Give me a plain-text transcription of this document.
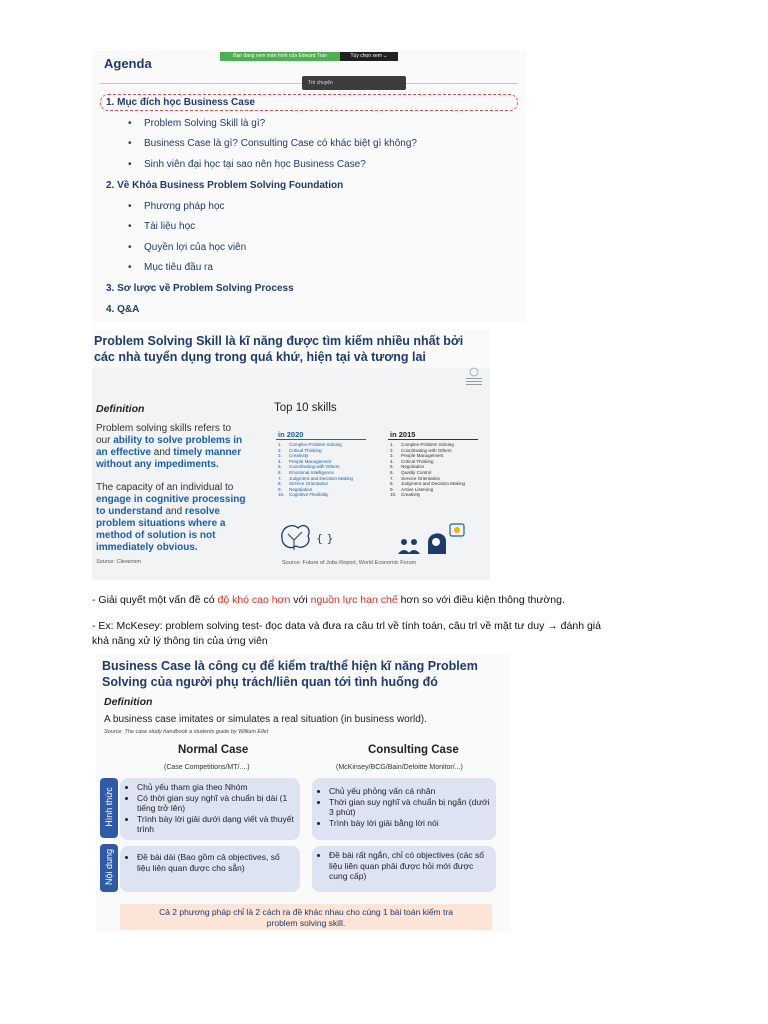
Bạn đang xem màn hình của Edward Tran	Tùy chọn xem ⌄
Agenda
Trò chuyện
1. Mục đích học Business Case
• Problem Solving Skill là gì?
• Business Case là gì? Consulting Case có khác biệt gì không?
• Sinh viên đại học tại sao nên học Business Case?
2. Về Khóa Business Problem Solving Foundation
• Phương pháp học
• Tài liệu học
• Quyền lợi của học viên
• Mục tiêu đầu ra
3. Sơ lược về Problem Solving Process
4. Q&A
Problem Solving Skill là kĩ năng được tìm kiếm nhiều nhất bởi các nhà tuyển dụng trong quá khứ, hiện tại và tương lai
Definition
Problem solving skills refers to our ability to solve problems in an effective and timely manner without any impediments.
The capacity of an individual to engage in cognitive processing to understand and resolve problem situations where a method of solution is not immediately obvious.
Source: Cleverism
Top 10 skills
in 2020	in 2015
1. Complex Problem Solving
2. Critical Thinking
3. Creativity
4. People Management
5. Coordinating with Others
6. Emotional Intelligence
7. Judgment and Decision Making
8. Service Orientation
9. Negotiation
10. Cognitive Flexibility
1. Complex Problem Solving
2. Coordinating with Others
3. People Management
4. Critical Thinking
5. Negotiation
6. Quality Control
7. Service Orientation
8. Judgment and Decision Making
9. Active Listening
10. Creativity
{ }
Source: Future of Jobs Report, World Economic Forum
- Giải quyết một vấn đề có độ khó cao hơn với nguồn lực hạn chế hơn so với điều kiện thông thường.
- Ex: McKesey: problem solving test- đọc data và đưa ra câu trl về tính toán, câu trl về mặt tư duy → đánh giá
khả năng xử lý thông tin của ứng viên
Business Case là công cụ để kiểm tra/thể hiện kĩ năng Problem Solving của người phụ trách/liên quan tới tình huống đó
Definition
A business case imitates or simulates a real situation (in business world).
Source: The case study handbook a students guide by William Ellet
Normal Case
(Case Competitions/MT/....)
Consulting Case
(McKinsey/BCG/Bain/Deloitte Monitor/...)
Hình thức
Nội dung
• Chủ yếu tham gia theo Nhóm
• Có thời gian suy nghĩ và chuẩn bị dài (1 tiếng trở lên)
• Trình bày lời giải dưới dạng viết và thuyết trình
• Chủ yếu phỏng vấn cá nhân
• Thời gian suy nghĩ và chuẩn bị ngắn (dưới 3 phút)
• Trình bày lời giải bằng lời nói
• Đề bài dài (Bao gồm cả objectives, số liệu liên quan được cho sẵn)
• Đề bài rất ngắn, chỉ có objectives (các số liệu liên quan phải được hỏi mới được cung cấp)
Cả 2 phương pháp chỉ là 2 cách ra đề khác nhau cho cùng 1 bài toán kiểm tra problem solving skill.
